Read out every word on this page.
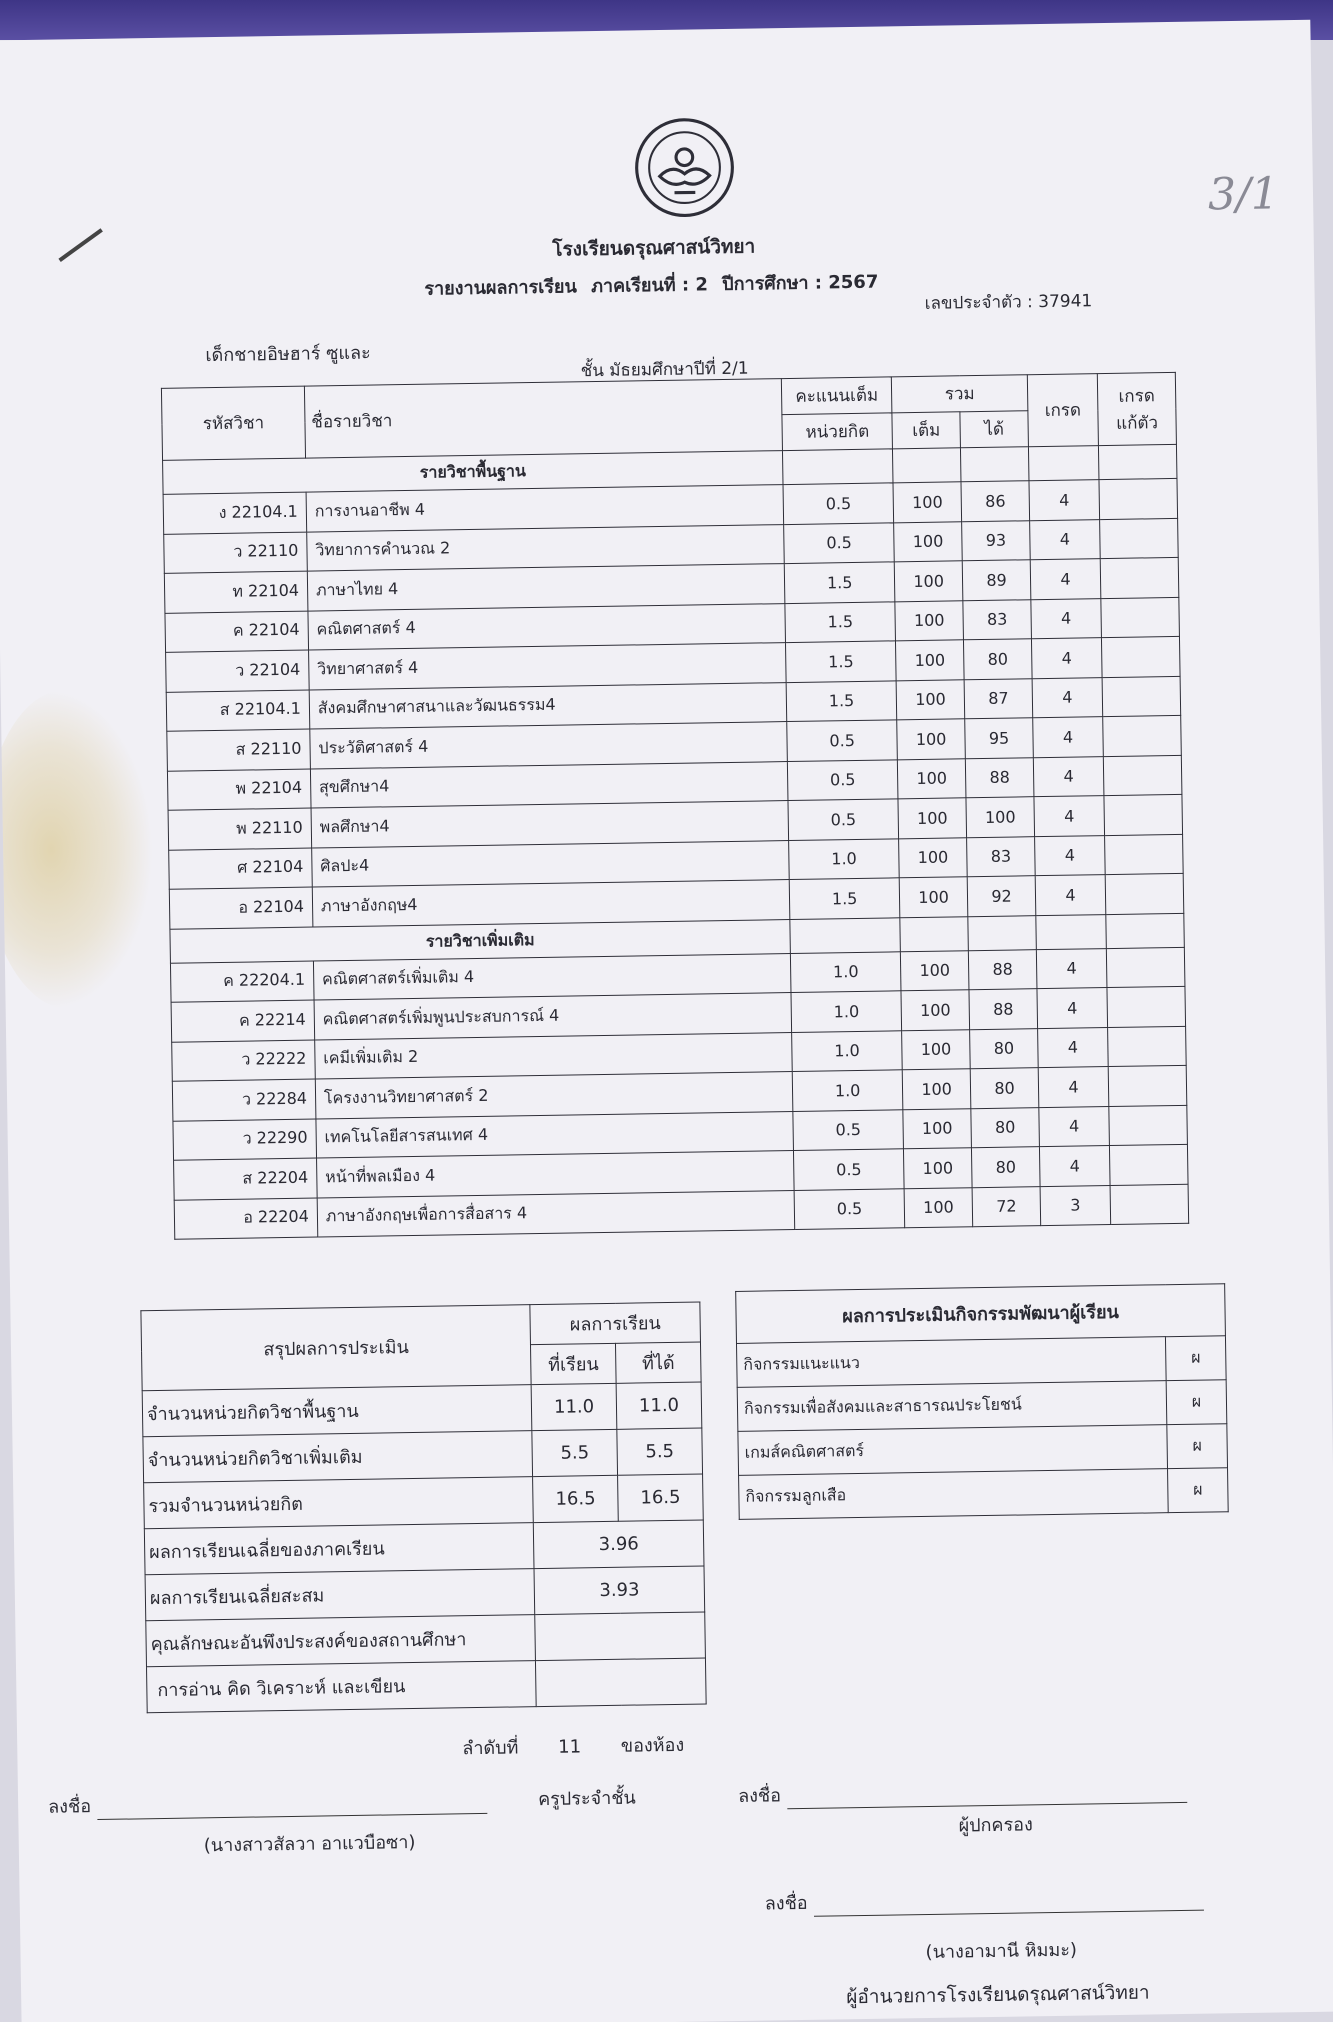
3/1
โรงเรียนดรุณศาสน์วิทยา
รายงานผลการเรียน ภาคเรียนที่ : 2 ปีการศึกษา : 2567
เลขประจำตัว : 37941
เด็กชายอิษฮาร์ ซูและ
ชั้น มัธยมศึกษาปีที่ 2/1
รหัสวิชา	ชื่อรายวิชา	คะแนนเต็ม	รวม		เกรด	เกรด แก้ตัว
		หน่วยกิต	เต็ม	ได้		
รายวิชาพื้นฐาน						
ง 22104.1	การงานอาชีพ 4	0.5	100	86	4	
ว 22110	วิทยาการคำนวณ 2	0.5	100	93	4	
ท 22104	ภาษาไทย 4	1.5	100	89	4	
ค 22104	คณิตศาสตร์ 4	1.5	100	83	4	
ว 22104	วิทยาศาสตร์ 4	1.5	100	80	4	
ส 22104.1	สังคมศึกษาศาสนาและวัฒนธรรม4	1.5	100	87	4	
ส 22110	ประวัติศาสตร์ 4	0.5	100	95	4	
พ 22104	สุขศึกษา4	0.5	100	88	4	
พ 22110	พลศึกษา4	0.5	100	100	4	
ศ 22104	ศิลปะ4	1.0	100	83	4	
อ 22104	ภาษาอังกฤษ4	1.5	100	92	4	
รายวิชาเพิ่มเติม						
ค 22204.1	คณิตศาสตร์เพิ่มเติม 4	1.0	100	88	4	
ค 22214	คณิตศาสตร์เพิ่มพูนประสบการณ์ 4	1.0	100	88	4	
ว 22222	เคมีเพิ่มเติม 2	1.0	100	80	4	
ว 22284	โครงงานวิทยาศาสตร์ 2	1.0	100	80	4	
ว 22290	เทคโนโลยีสารสนเทศ 4	0.5	100	80	4	
ส 22204	หน้าที่พลเมือง 4	0.5	100	80	4	
อ 22204	ภาษาอังกฤษเพื่อการสื่อสาร 4	0.5	100	72	3	
สรุปผลการประเมิน	ผลการเรียน	
	ที่เรียน	ที่ได้
จำนวนหน่วยกิตวิชาพื้นฐาน	11.0	11.0
จำนวนหน่วยกิตวิชาเพิ่มเติม	5.5	5.5
รวมจำนวนหน่วยกิต	16.5	16.5
ผลการเรียนเฉลี่ยของภาคเรียน	3.96	
ผลการเรียนเฉลี่ยสะสม	3.93	
คุณลักษณะอันพึงประสงค์ของสถานศึกษา		
การอ่าน คิด วิเคราะห์ และเขียน		
ผลการประเมินกิจกรรมพัฒนาผู้เรียน	
กิจกรรมแนะแนว	ผ
กิจกรรมเพื่อสังคมและสาธารณประโยชน์	ผ
เกมส์คณิตศาสตร์	ผ
กิจกรรมลูกเสือ	ผ
ลำดับที่ 11 ของห้อง
ลงชื่อ	ครูประจำชั้น
(นางสาวสัลวา อาแวบือซา)
ลงชื่อ
ผู้ปกครอง
ลงชื่อ
(นางอามานี หิมมะ)
ผู้อำนวยการโรงเรียนดรุณศาสน์วิทยา
